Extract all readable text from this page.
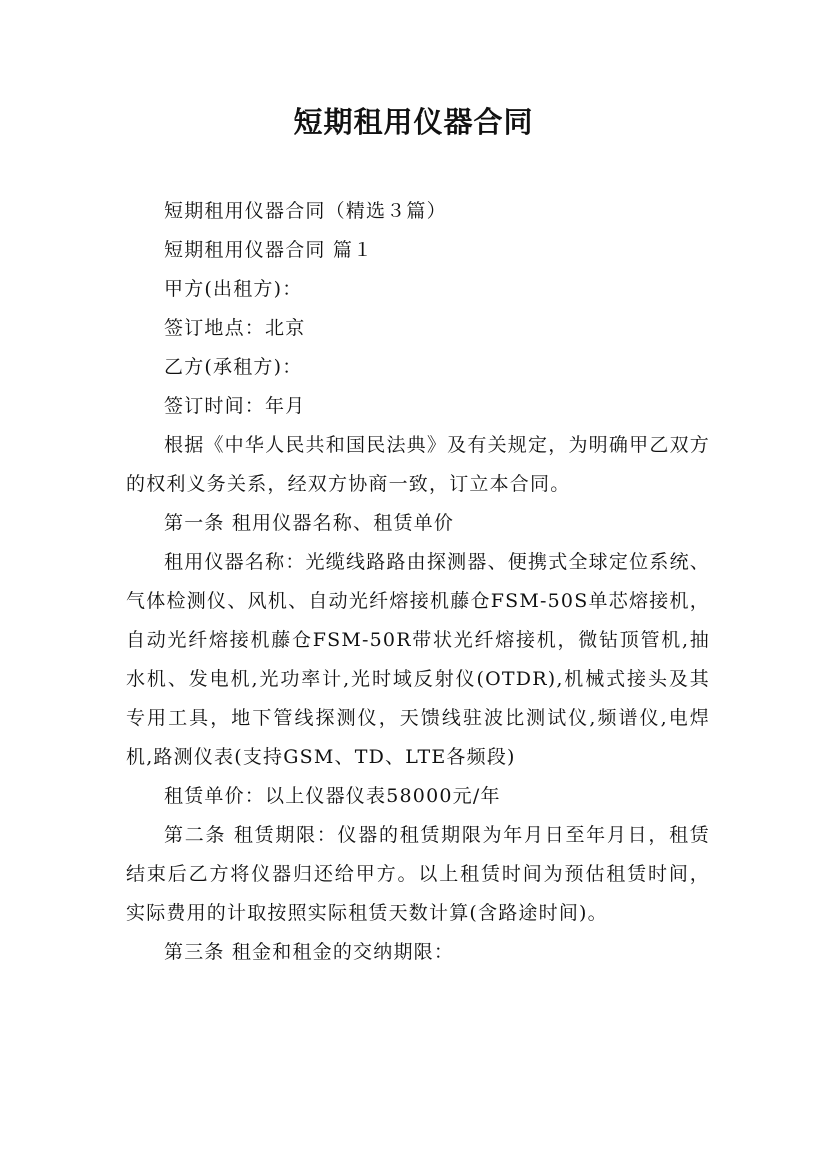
短期租用仪器合同

短期租用仪器合同（精选３篇）

短期租用仪器合同 篇１

甲方(出租方)：

签订地点：北京

乙方(承租方)：

签订时间：年月

根据《中华人民共和国民法典》及有关规定，为明确甲乙双方的权利义务关系，经双方协商一致，订立本合同。

第一条 租用仪器名称、租赁单价

租用仪器名称：光缆线路路由探测器、便携式全球定位系统、气体检测仪、风机、自动光纤熔接机藤仓FSM-50S单芯熔接机，自动光纤熔接机藤仓FSM-50R带状光纤熔接机，微钻顶管机,抽水机、发电机,光功率计,光时域反射仪(OTDR),机械式接头及其专用工具，地下管线探测仪，天馈线驻波比测试仪,频谱仪,电焊机,路测仪表(支持GSM、TD、LTE各频段)

租赁单价：以上仪器仪表58000元/年

第二条 租赁期限：仪器的租赁期限为年月日至年月日，租赁结束后乙方将仪器归还给甲方。以上租赁时间为预估租赁时间，实际费用的计取按照实际租赁天数计算(含路途时间)。

第三条 租金和租金的交纳期限：
